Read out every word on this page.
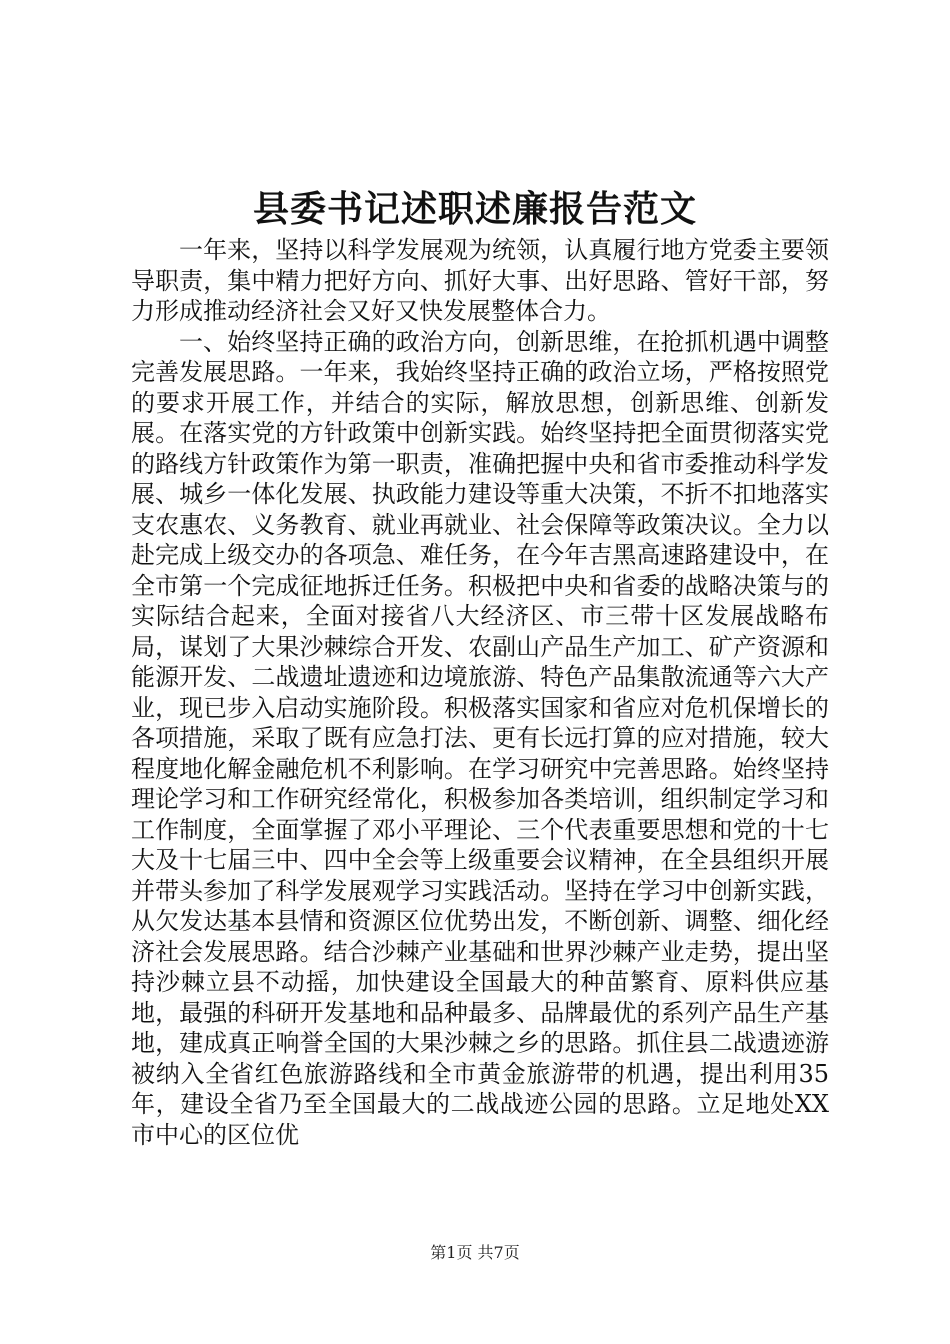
县委书记述职述廉报告范文

一年来，坚持以科学发展观为统领，认真履行地方党委主要领导职责，集中精力把好方向、抓好大事、出好思路、管好干部，努力形成推动经济社会又好又快发展整体合力。

一、始终坚持正确的政治方向，创新思维，在抢抓机遇中调整完善发展思路。一年来，我始终坚持正确的政治立场，严格按照党的要求开展工作，并结合的实际，解放思想，创新思维、创新发展。在落实党的方针政策中创新实践。始终坚持把全面贯彻落实党的路线方针政策作为第一职责，准确把握中央和省市委推动科学发展、城乡一体化发展、执政能力建设等重大决策，不折不扣地落实支农惠农、义务教育、就业再就业、社会保障等政策决议。全力以赴完成上级交办的各项急、难任务，在今年吉黑高速路建设中，在全市第一个完成征地拆迁任务。积极把中央和省委的战略决策与的实际结合起来，全面对接省八大经济区、市三带十区发展战略布局，谋划了大果沙棘综合开发、农副山产品生产加工、矿产资源和能源开发、二战遗址遗迹和边境旅游、特色产品集散流通等六大产业，现已步入启动实施阶段。积极落实国家和省应对危机保增长的各项措施，采取了既有应急打法、更有长远打算的应对措施，较大程度地化解金融危机不利影响。在学习研究中完善思路。始终坚持理论学习和工作研究经常化，积极参加各类培训，组织制定学习和工作制度，全面掌握了邓小平理论、三个代表重要思想和党的十七大及十七届三中、四中全会等上级重要会议精神，在全县组织开展并带头参加了科学发展观学习实践活动。坚持在学习中创新实践，从欠发达基本县情和资源区位优势出发，不断创新、调整、细化经济社会发展思路。结合沙棘产业基础和世界沙棘产业走势，提出坚持沙棘立县不动摇，加快建设全国最大的种苗繁育、原料供应基地，最强的科研开发基地和品种最多、品牌最优的系列产品生产基地，建成真正响誉全国的大果沙棘之乡的思路。抓住县二战遗迹游被纳入全省红色旅游路线和全市黄金旅游带的机遇，提出利用35年，建设全省乃至全国最大的二战战迹公园的思路。立足地处XX市中心的区位优

第1页 共7页
